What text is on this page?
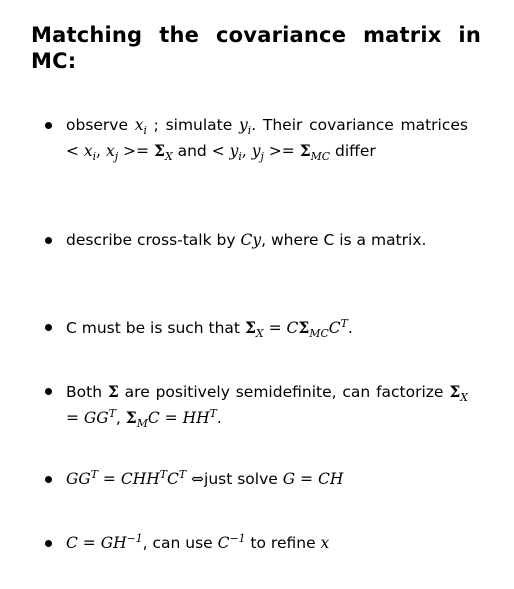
Matching the covariance matrix in MC:
observe $x_i$ ; simulate $y_i$. Their covariance matrices < $x_i$, $x_j >= \Sigma_X$ and < $y_i$, $y_j >= \Sigma_{MC}$ differ
describe cross-talk by Cy, where C is a matrix.
C must be is such that $\Sigma_X = C\Sigma_{MC}C^T$.
Both Σ are positively semidefinite, can factorize $\Sigma_X = GG^T$, $\Sigma_MC = HH^T$.
$GG^T = CHH^TC^T$ ⇔just solve G = CH
$C = GH^{-1}$, can use $C^{-1}$ to refine x
